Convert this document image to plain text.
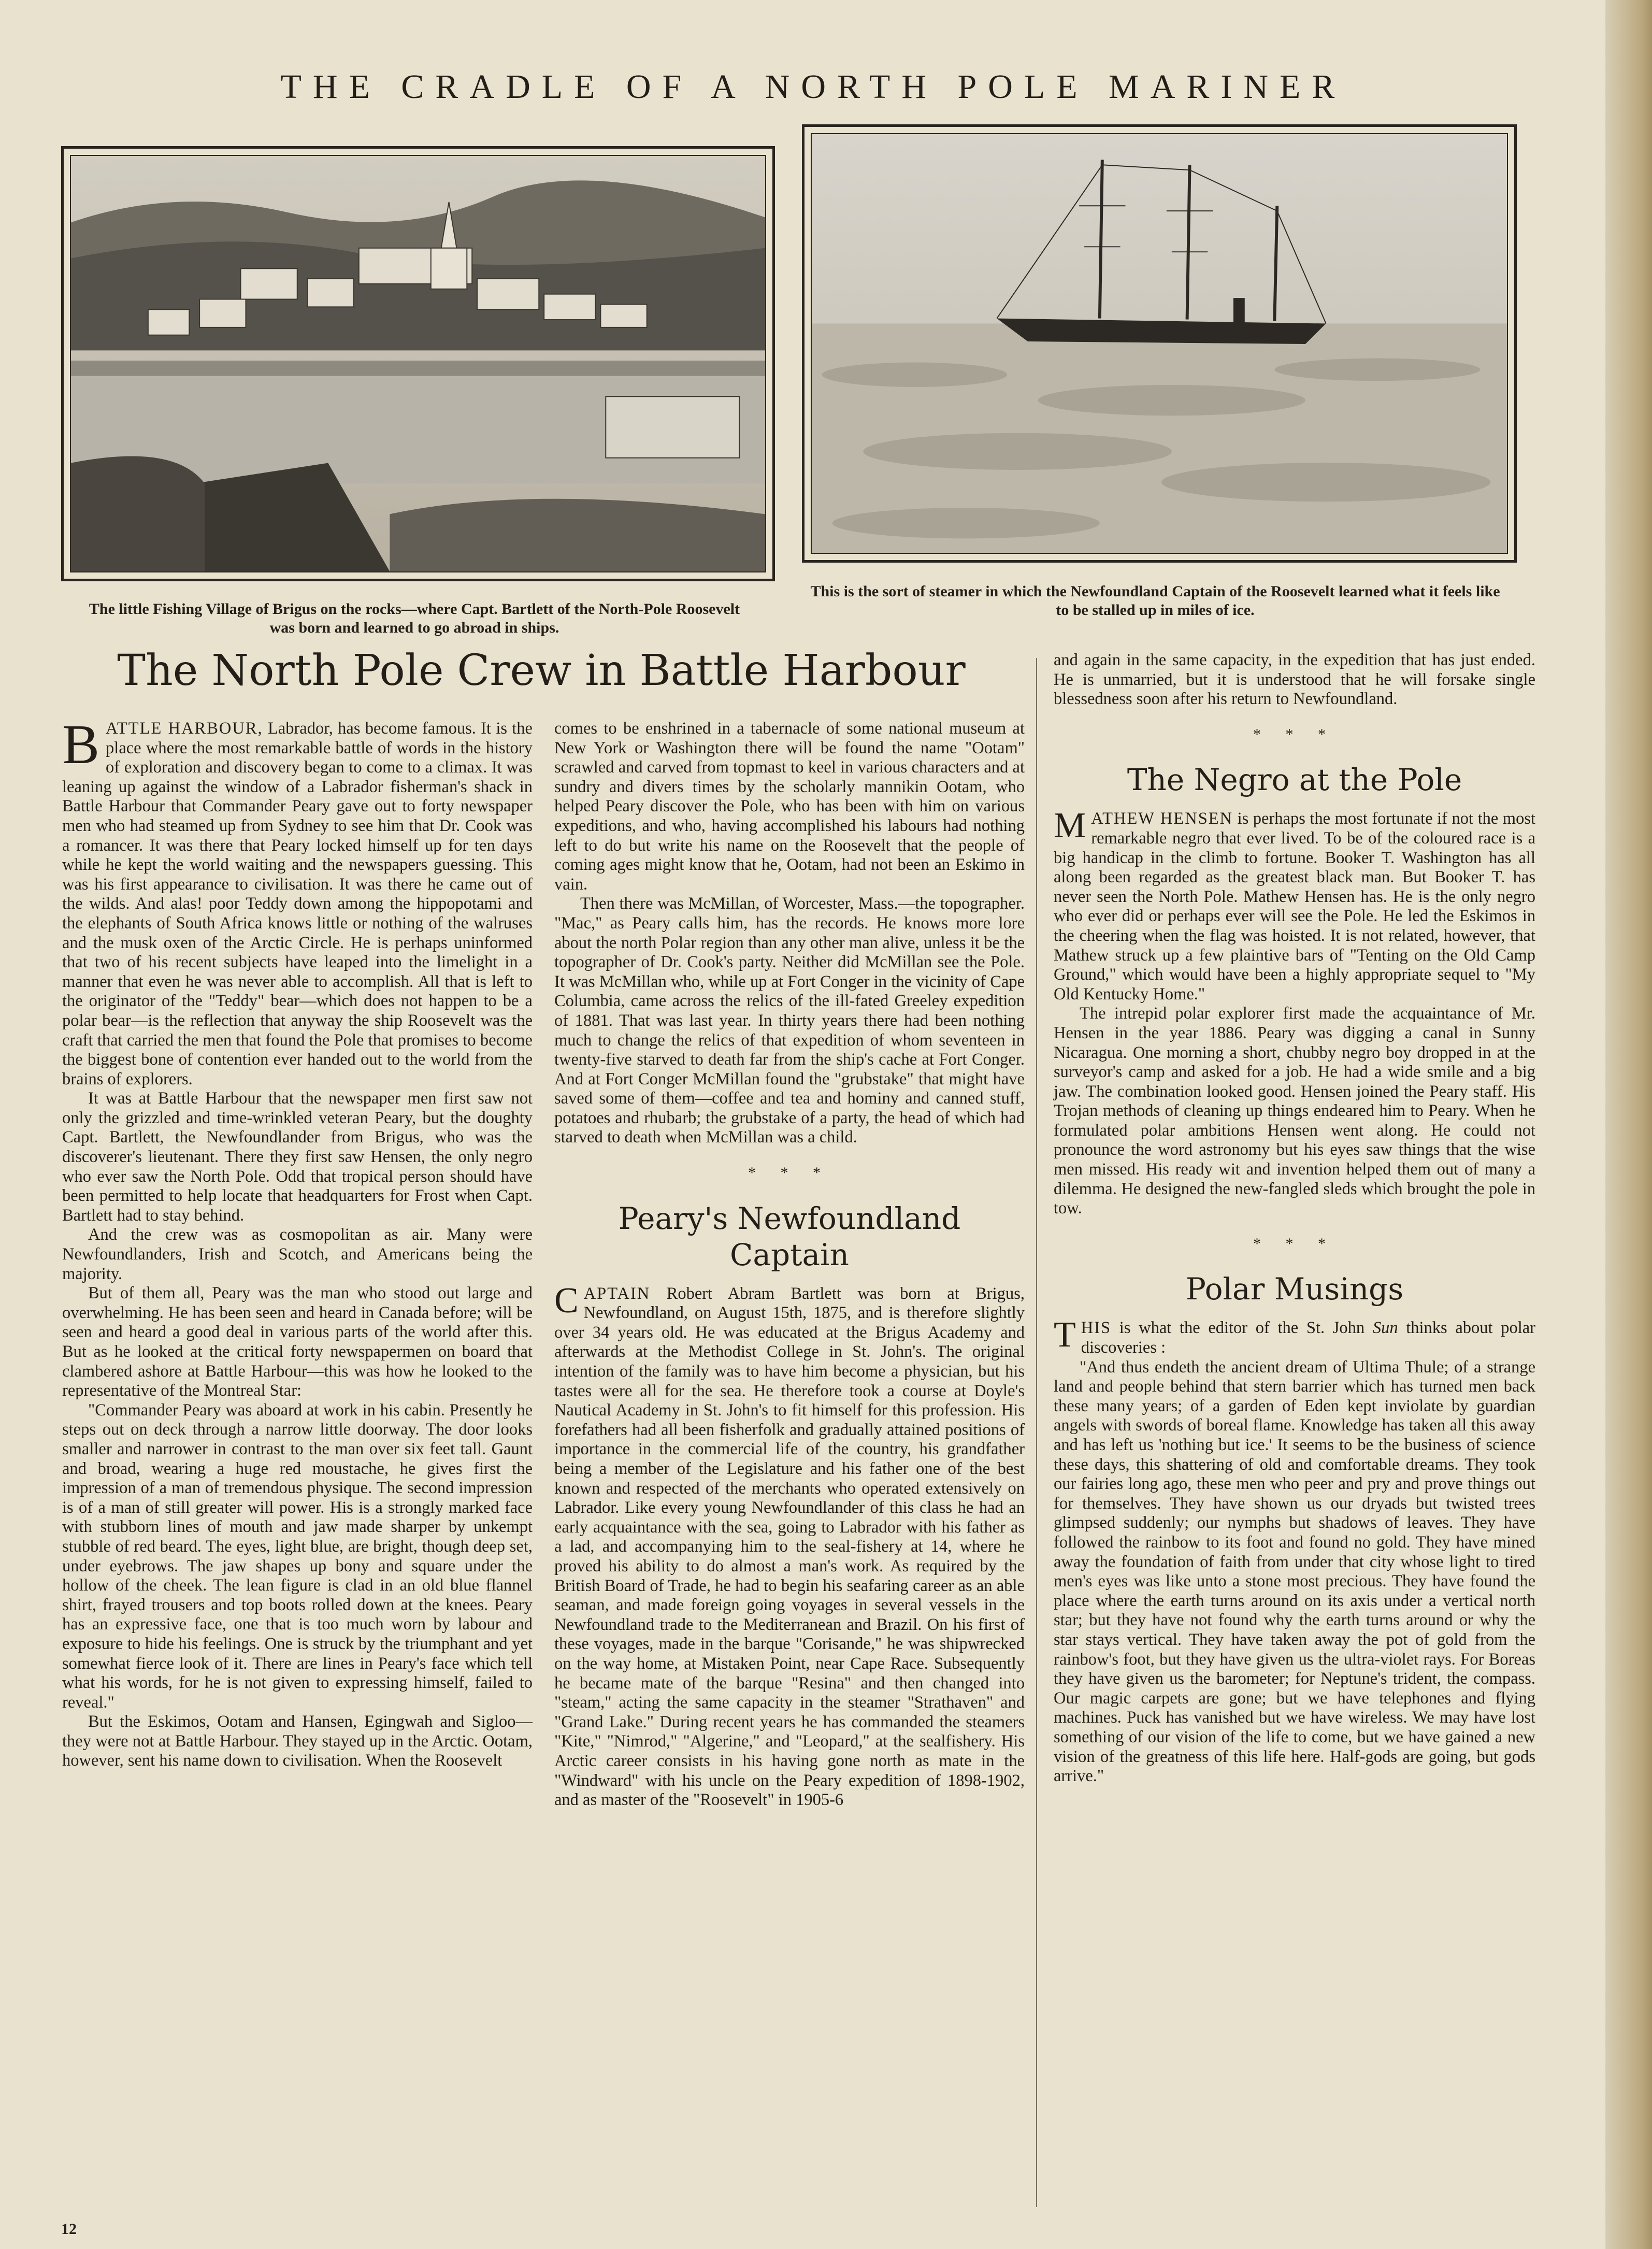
THE CRADLE OF A NORTH POLE MARINER

The little Fishing Village of Brigus on the rocks—where Capt. Bartlett of the North-Pole Roosevelt was born and learned to go abroad in ships.

This is the sort of steamer in which the Newfoundland Captain of the Roosevelt learned what it feels like to be stalled up in miles of ice.

The North Pole Crew in Battle Harbour

BATTLE HARBOUR, Labrador, has become famous. It is the place where the most remarkable battle of words in the history of exploration and discovery began to come to a climax. It was leaning up against the window of a Labrador fisherman's shack in Battle Harbour that Commander Peary gave out to forty newspaper men who had steamed up from Sydney to see him that Dr. Cook was a romancer. It was there that Peary locked himself up for ten days while he kept the world waiting and the newspapers guessing. This was his first appearance to civilisation. It was there he came out of the wilds. And alas! poor Teddy down among the hippopotami and the elephants of South Africa knows little or nothing of the walruses and the musk oxen of the Arctic Circle. He is perhaps uninformed that two of his recent subjects have leaped into the limelight in a manner that even he was never able to accomplish. All that is left to the originator of the "Teddy" bear—which does not happen to be a polar bear—is the reflection that anyway the ship Roosevelt was the craft that carried the men that found the Pole that promises to become the biggest bone of contention ever handed out to the world from the brains of explorers.

It was at Battle Harbour that the newspaper men first saw not only the grizzled and time-wrinkled veteran Peary, but the doughty Capt. Bartlett, the Newfoundlander from Brigus, who was the discoverer's lieutenant. There they first saw Hensen, the only negro who ever saw the North Pole. Odd that tropical person should have been permitted to help locate that headquarters for Frost when Capt. Bartlett had to stay behind.

And the crew was as cosmopolitan as air. Many were Newfoundlanders, Irish and Scotch, and Americans being the majority.

But of them all, Peary was the man who stood out large and overwhelming. He has been seen and heard in Canada before; will be seen and heard a good deal in various parts of the world after this. But as he looked at the critical forty newspapermen on board that clambered ashore at Battle Harbour—this was how he looked to the representative of the Montreal Star:

"Commander Peary was aboard at work in his cabin. Presently he steps out on deck through a narrow little doorway. The door looks smaller and narrower in contrast to the man over six feet tall. Gaunt and broad, wearing a huge red moustache, he gives first the impression of a man of tremendous physique. The second impression is of a man of still greater will power. His is a strongly marked face with stubborn lines of mouth and jaw made sharper by unkempt stubble of red beard. The eyes, light blue, are bright, though deep set, under eyebrows. The jaw shapes up bony and square under the hollow of the cheek. The lean figure is clad in an old blue flannel shirt, frayed trousers and top boots rolled down at the knees. Peary has an expressive face, one that is too much worn by labour and exposure to hide his feelings. One is struck by the triumphant and yet somewhat fierce look of it. There are lines in Peary's face which tell what his words, for he is not given to expressing himself, failed to reveal."

But the Eskimos, Ootam and Hansen, Egingwah and Sigloo—they were not at Battle Harbour. They stayed up in the Arctic. Ootam, however, sent his name down to civilisation. When the Roosevelt

comes to be enshrined in a tabernacle of some national museum at New York or Washington there will be found the name "Ootam" scrawled and carved from topmast to keel in various characters and at sundry and divers times by the scholarly mannikin Ootam, who helped Peary discover the Pole, who has been with him on various expeditions, and who, having accomplished his labours had nothing left to do but write his name on the Roosevelt that the people of coming ages might know that he, Ootam, had not been an Eskimo in vain.

Then there was McMillan, of Worcester, Mass.—the topographer. "Mac," as Peary calls him, has the records. He knows more lore about the north Polar region than any other man alive, unless it be the topographer of Dr. Cook's party. Neither did McMillan see the Pole. It was McMillan who, while up at Fort Conger in the vicinity of Cape Columbia, came across the relics of the ill-fated Greeley expedition of 1881. That was last year. In thirty years there had been nothing much to change the relics of that expedition of whom seventeen in twenty-five starved to death far from the ship's cache at Fort Conger. And at Fort Conger McMillan found the "grubstake" that might have saved some of them—coffee and tea and hominy and canned stuff, potatoes and rhubarb; the grubstake of a party, the head of which had starved to death when McMillan was a child.

* * *
Peary's Newfoundland Captain

CAPTAIN Robert Abram Bartlett was born at Brigus, Newfoundland, on August 15th, 1875, and is therefore slightly over 34 years old. He was educated at the Brigus Academy and afterwards at the Methodist College in St. John's. The original intention of the family was to have him become a physician, but his tastes were all for the sea. He therefore took a course at Doyle's Nautical Academy in St. John's to fit himself for this profession. His forefathers had all been fisherfolk and gradually attained positions of importance in the commercial life of the country, his grandfather being a member of the Legislature and his father one of the best known and respected of the merchants who operated extensively on Labrador. Like every young Newfoundlander of this class he had an early acquaintance with the sea, going to Labrador with his father as a lad, and accompanying him to the seal-fishery at 14, where he proved his ability to do almost a man's work. As required by the British Board of Trade, he had to begin his seafaring career as an able seaman, and made foreign going voyages in several vessels in the Newfoundland trade to the Mediterranean and Brazil. On his first of these voyages, made in the barque "Corisande," he was shipwrecked on the way home, at Mistaken Point, near Cape Race. Subsequently he became mate of the barque "Resina" and then changed into "steam," acting the same capacity in the steamer "Strathaven" and "Grand Lake." During recent years he has commanded the steamers "Kite," "Nimrod," "Algerine," and "Leopard," at the sealfishery. His Arctic career consists in his having gone north as mate in the "Windward" with his uncle on the Peary expedition of 1898-1902, and as master of the "Roosevelt" in 1905-6

and again in the same capacity, in the expedition that has just ended. He is unmarried, but it is understood that he will forsake single blessedness soon after his return to Newfoundland.

* * *
The Negro at the Pole

MATHEW HENSEN is perhaps the most fortunate if not the most remarkable negro that ever lived. To be of the coloured race is a big handicap in the climb to fortune. Booker T. Washington has all along been regarded as the greatest black man. But Booker T. has never seen the North Pole. Mathew Hensen has. He is the only negro who ever did or perhaps ever will see the Pole. He led the Eskimos in the cheering when the flag was hoisted. It is not related, however, that Mathew struck up a few plaintive bars of "Tenting on the Old Camp Ground," which would have been a highly appropriate sequel to "My Old Kentucky Home."

The intrepid polar explorer first made the acquaintance of Mr. Hensen in the year 1886. Peary was digging a canal in Sunny Nicaragua. One morning a short, chubby negro boy dropped in at the surveyor's camp and asked for a job. He had a wide smile and a big jaw. The combination looked good. Hensen joined the Peary staff. His Trojan methods of cleaning up things endeared him to Peary. When he formulated polar ambitions Hensen went along. He could not pronounce the word astronomy but his eyes saw things that the wise men missed. His ready wit and invention helped them out of many a dilemma. He designed the new-fangled sleds which brought the pole in tow.

* * *
Polar Musings

THIS is what the editor of the St. John Sun thinks about polar discoveries :

"And thus endeth the ancient dream of Ultima Thule; of a strange land and people behind that stern barrier which has turned men back these many years; of a garden of Eden kept inviolate by guardian angels with swords of boreal flame. Knowledge has taken all this away and has left us 'nothing but ice.' It seems to be the business of science these days, this shattering of old and comfortable dreams. They took our fairies long ago, these men who peer and pry and prove things out for themselves. They have shown us our dryads but twisted trees glimpsed suddenly; our nymphs but shadows of leaves. They have followed the rainbow to its foot and found no gold. They have mined away the foundation of faith from under that city whose light to tired men's eyes was like unto a stone most precious. They have found the place where the earth turns around on its axis under a vertical north star; but they have not found why the earth turns around or why the star stays vertical. They have taken away the pot of gold from the rainbow's foot, but they have given us the ultra-violet rays. For Boreas they have given us the barometer; for Neptune's trident, the compass. Our magic carpets are gone; but we have telephones and flying machines. Puck has vanished but we have wireless. We may have lost something of our vision of the life to come, but we have gained a new vision of the greatness of this life here. Half-gods are going, but gods arrive."

12
